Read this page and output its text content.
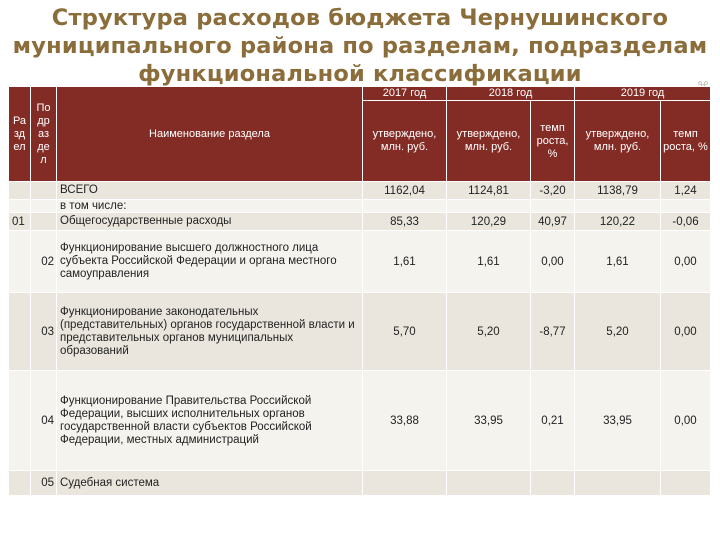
Структура расходов бюджета Чернушинского
муниципального района по разделам, подразделам
функциональной классификации
Ра зд ел	По др аз де л	Наименование раздела	2017 год	2018 год		2019 год	
			утверждено, млн. руб.	утверждено, млн. руб.	темп роста, %	утверждено, млн. руб.	темп роста, %
		ВСЕГО	1162,04	1124,81	-3,20	1138,79	1,24
		в том числе:					
01		Общегосударственные расходы	85,33	120,29	40,97	120,22	-0,06
	02	Функционирование высшего должностного лица субъекта Российской Федерации и органа местного самоуправления	1,61	1,61	0,00	1,61	0,00
	03	Функционирование законодательных (представительных) органов государственной власти и представительных органов муниципальных образований	5,70	5,20	-8,77	5,20	0,00
	04	Функционирование Правительства Российской Федерации, высших исполнительных органов государственной власти субъектов Российской Федерации, местных администраций	33,88	33,95	0,21	33,95	0,00
	05	Судебная система					
